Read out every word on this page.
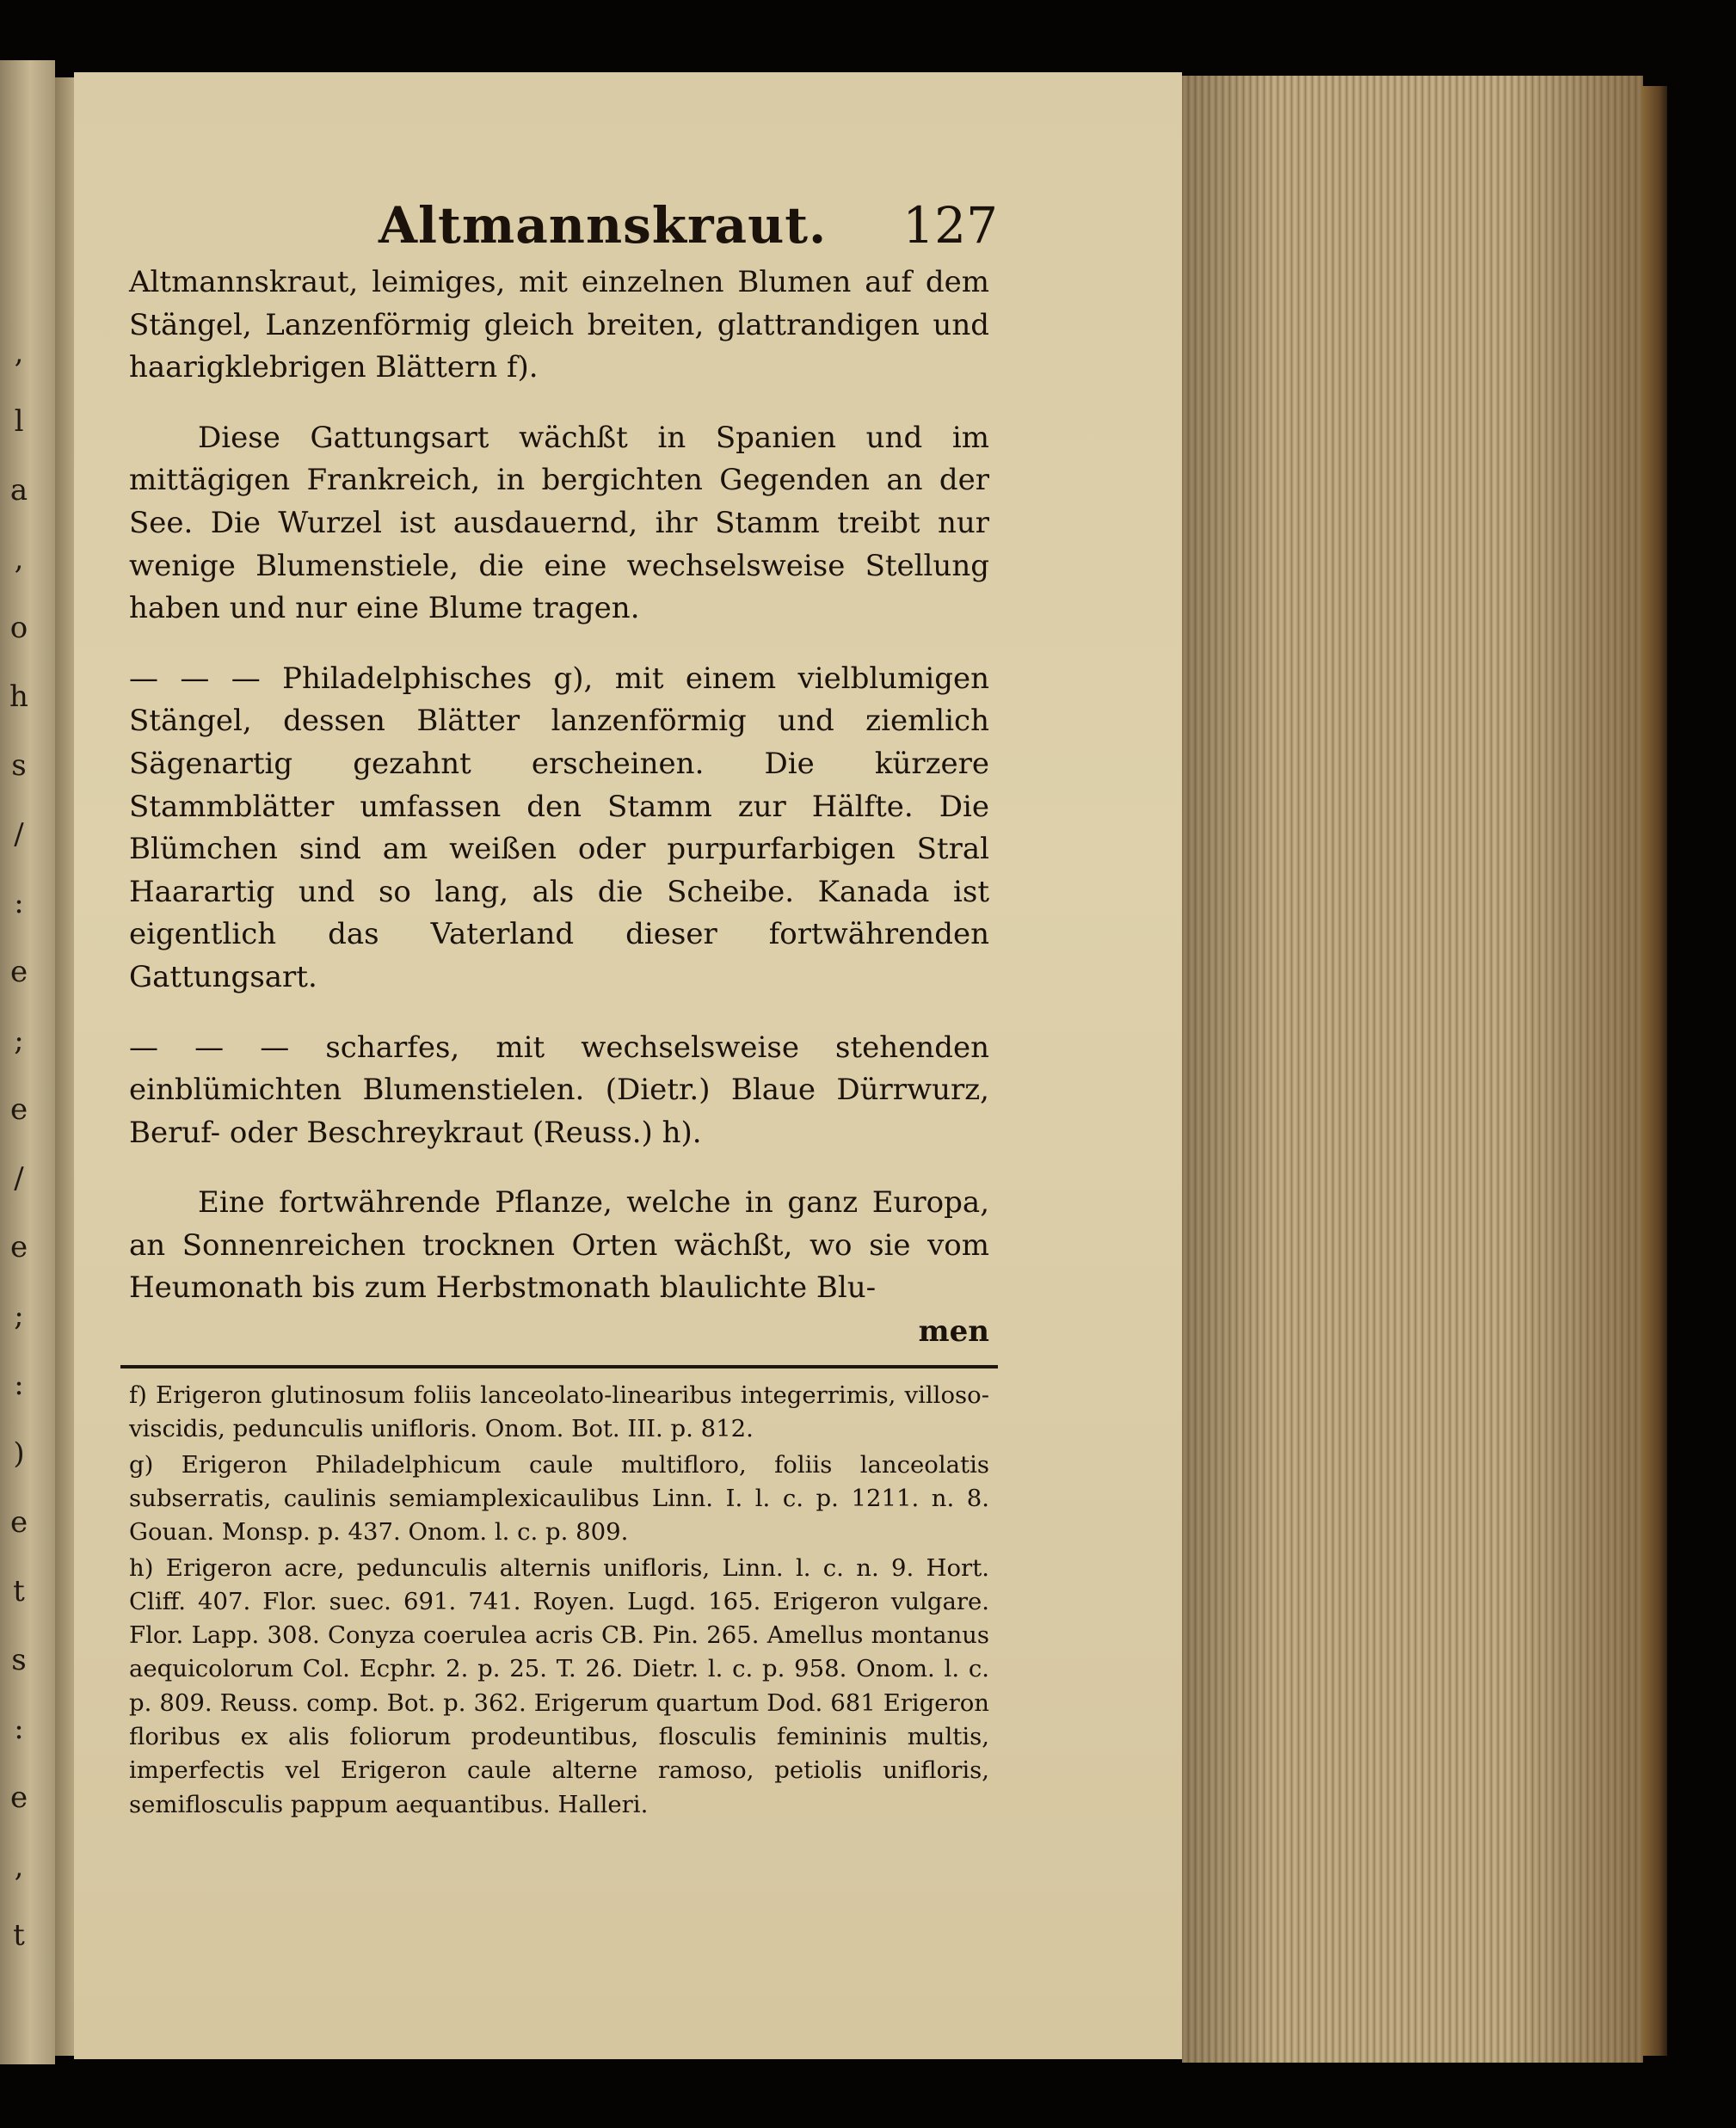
,
l
a
,
o
h
s
/
:
e
;
e
/
e
;
:
)
e
t
s
:
e
,
t
Altmannskraut. 127

Altmannskraut, leimiges, mit einzelnen Blumen auf dem Stängel, Lanzenförmig gleich breiten, glattrandigen und haarigklebrigen Blättern f).

Diese Gattungsart wächßt in Spanien und im mittägigen Frankreich, in bergichten Gegenden an der See. Die Wurzel ist ausdauernd, ihr Stamm treibt nur wenige Blumenstiele, die eine wechselsweise Stellung haben und nur eine Blume tragen.

— — — Philadelphisches g), mit einem vielblumigen Stängel, dessen Blätter lanzenförmig und ziemlich Sägenartig gezahnt erscheinen. Die kürzere Stammblätter umfassen den Stamm zur Hälfte. Die Blümchen sind am weißen oder purpurfarbigen Stral Haarartig und so lang, als die Scheibe. Kanada ist eigentlich das Vaterland dieser fortwährenden Gattungsart.

— — — scharfes, mit wechselsweise stehenden einblümichten Blumenstielen. (Dietr.) Blaue Dürrwurz, Beruf- oder Beschreykraut (Reuss.) h).

Eine fortwährende Pflanze, welche in ganz Europa, an Sonnenreichen trocknen Orten wächßt, wo sie vom Heumonath bis zum Herbstmonath blaulichte Blu-

men

f) Erigeron glutinosum foliis lanceolato-linearibus integerrimis, villoso-viscidis, pedunculis unifloris. Onom. Bot. III. p. 812.

g) Erigeron Philadelphicum caule multifloro, foliis lanceolatis subserratis, caulinis semiamplexicaulibus Linn. I. l. c. p. 1211. n. 8. Gouan. Monsp. p. 437. Onom. l. c. p. 809.

h) Erigeron acre, pedunculis alternis unifloris, Linn. l. c. n. 9. Hort. Cliff. 407. Flor. suec. 691. 741. Royen. Lugd. 165. Erigeron vulgare. Flor. Lapp. 308. Conyza coerulea acris CB. Pin. 265. Amellus montanus aequicolorum Col. Ecphr. 2. p. 25. T. 26. Dietr. l. c. p. 958. Onom. l. c. p. 809. Reuss. comp. Bot. p. 362. Erigerum quartum Dod. 681 Erigeron floribus ex alis foliorum prodeuntibus, flosculis femininis multis, imperfectis vel Erigeron caule alterne ramoso, petiolis unifloris, semiflosculis pappum aequantibus. Halleri.
